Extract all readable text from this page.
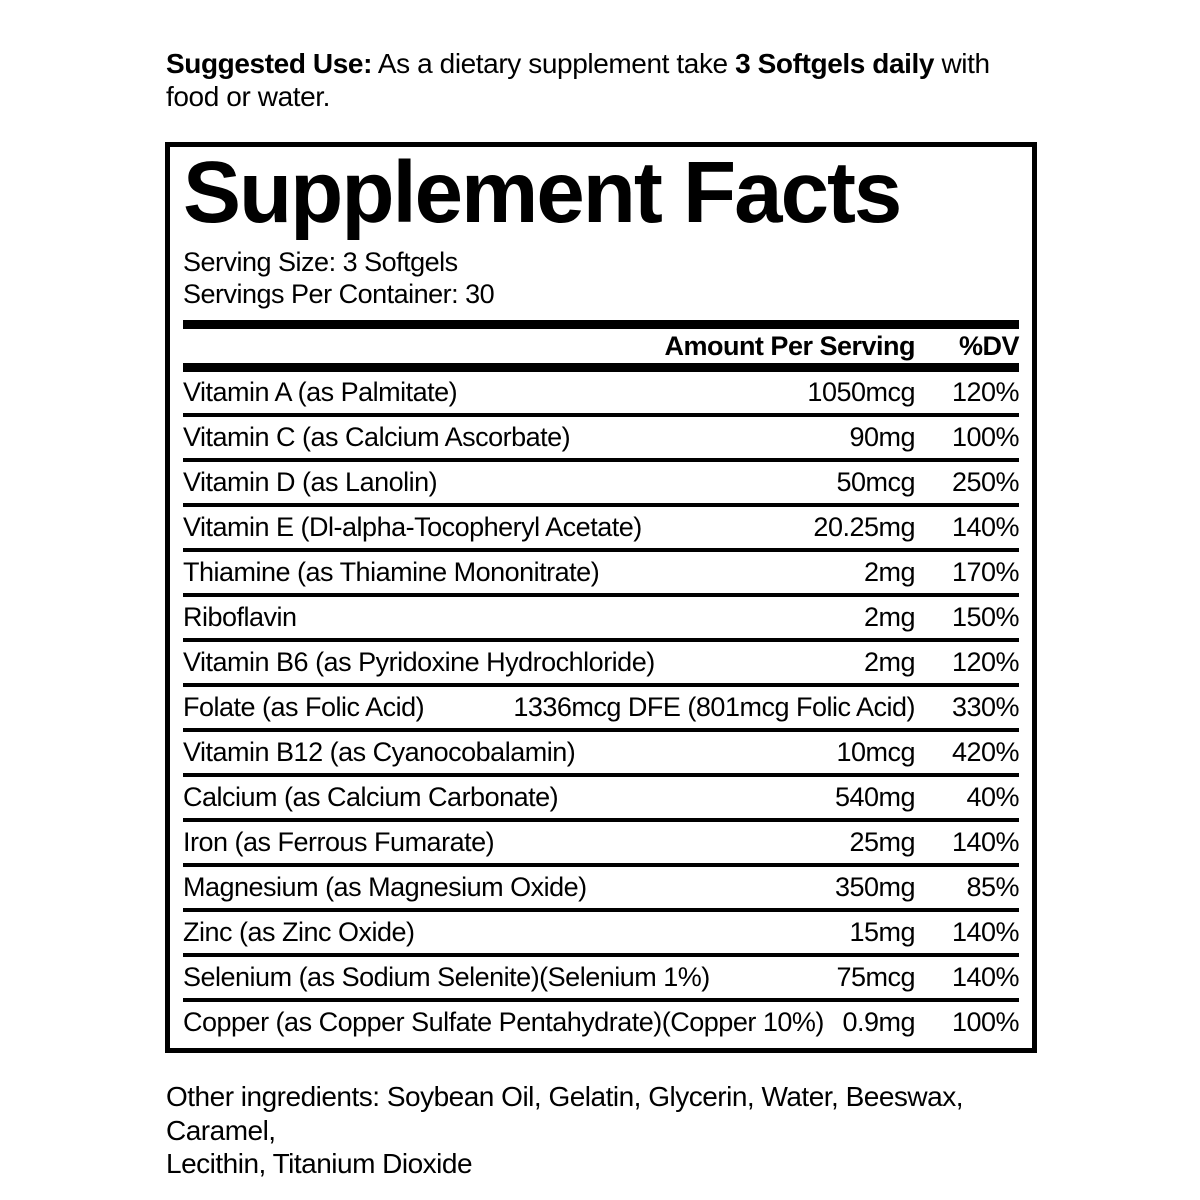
Suggested Use: As a dietary supplement take 3 Softgels daily with food or water.

Supplement Facts
Serving Size: 3 Softgels
Servings Per Container: 30
Amount Per Serving	%DV
Vitamin A (as Palmitate)	1050mcg	120%
Vitamin C (as Calcium Ascorbate)	90mg	100%
Vitamin D (as Lanolin)	50mcg	250%
Vitamin E (Dl-alpha-Tocopheryl Acetate)	20.25mg	140%
Thiamine (as Thiamine Mononitrate)	2mg	170%
Riboflavin	2mg	150%
Vitamin B6 (as Pyridoxine Hydrochloride)	2mg	120%
Folate (as Folic Acid)	1336mcg DFE (801mcg Folic Acid)	330%
Vitamin B12 (as Cyanocobalamin)	10mcg	420%
Calcium (as Calcium Carbonate)	540mg	40%
Iron (as Ferrous Fumarate)	25mg	140%
Magnesium (as Magnesium Oxide)	350mg	85%
Zinc (as Zinc Oxide)	15mg	140%
Selenium (as Sodium Selenite)(Selenium 1%)	75mcg	140%
Copper (as Copper Sulfate Pentahydrate)(Copper 10%) 0.9mg	100%

Other ingredients: Soybean Oil, Gelatin, Glycerin, Water, Beeswax, Caramel,
Lecithin, Titanium Dioxide
